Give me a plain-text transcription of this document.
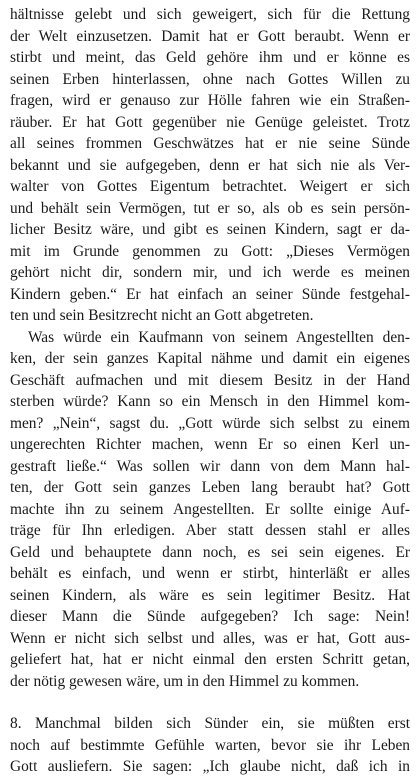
hältnisse gelebt und sich geweigert, sich für die Rettung
der Welt einzusetzen. Damit hat er Gott beraubt. Wenn er
stirbt und meint, das Geld gehöre ihm und er könne es
seinen Erben hinterlassen, ohne nach Gottes Willen zu
fragen, wird er genauso zur Hölle fahren wie ein Straßen-
räuber. Er hat Gott gegenüber nie Genüge geleistet. Trotz
all seines frommen Geschwätzes hat er nie seine Sünde
bekannt und sie aufgegeben, denn er hat sich nie als Ver-
walter von Gottes Eigentum betrachtet. Weigert er sich
und behält sein Vermögen, tut er so, als ob es sein persön-
licher Besitz wäre, und gibt es seinen Kindern, sagt er da-
mit im Grunde genommen zu Gott: „Dieses Vermögen
gehört nicht dir, sondern mir, und ich werde es meinen
Kindern geben.“ Er hat einfach an seiner Sünde festgehal-
ten und sein Besitzrecht nicht an Gott abgetreten.
Was würde ein Kaufmann von seinem Angestellten den-
ken, der sein ganzes Kapital nähme und damit ein eigenes
Geschäft aufmachen und mit diesem Besitz in der Hand
sterben würde? Kann so ein Mensch in den Himmel kom-
men? „Nein“, sagst du. „Gott würde sich selbst zu einem
ungerechten Richter machen, wenn Er so einen Kerl un-
gestraft ließe.“ Was sollen wir dann von dem Mann hal-
ten, der Gott sein ganzes Leben lang beraubt hat? Gott
machte ihn zu seinem Angestellten. Er sollte einige Auf-
träge für Ihn erledigen. Aber statt dessen stahl er alles
Geld und behauptete dann noch, es sei sein eigenes. Er
behält es einfach, und wenn er stirbt, hinterläßt er alles
seinen Kindern, als wäre es sein legitimer Besitz. Hat
dieser Mann die Sünde aufgegeben? Ich sage: Nein!
Wenn er nicht sich selbst und alles, was er hat, Gott aus-
geliefert hat, hat er nicht einmal den ersten Schritt getan,
der nötig gewesen wäre, um in den Himmel zu kommen.
8. Manchmal bilden sich Sünder ein, sie müßten erst
noch auf bestimmte Gefühle warten, bevor sie ihr Leben
Gott ausliefern. Sie sagen: „Ich glaube nicht, daß ich in
